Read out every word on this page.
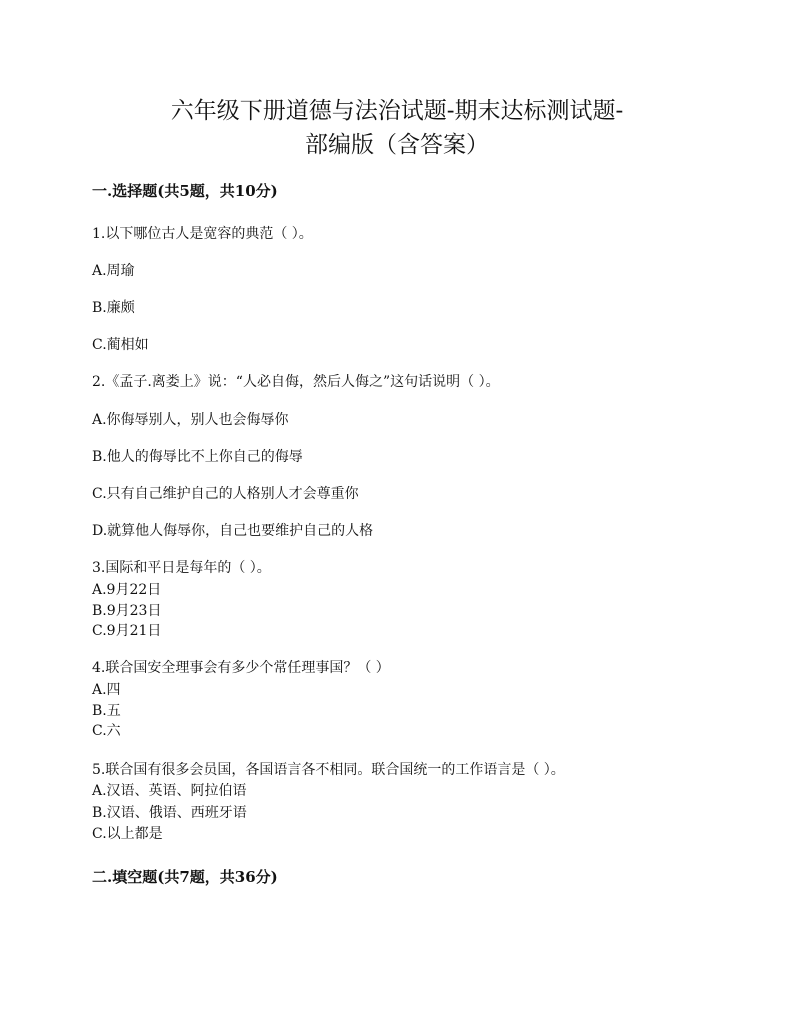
六年级下册道德与法治试题-期末达标测试题-
部编版（含答案）
一.选择题(共5题，共10分)
1.以下哪位古人是宽容的典范（ ）。
A.周瑜
B.廉颇
C.蔺相如
2.《孟子.离娄上》说：“人必自侮，然后人侮之”这句话说明（ ）。
A.你侮辱别人，别人也会侮辱你
B.他人的侮辱比不上你自己的侮辱
C.只有自己维护自己的人格别人才会尊重你
D.就算他人侮辱你，自己也要维护自己的人格
3.国际和平日是每年的（ ）。
A.9月22日
B.9月23日
C.9月21日
4.联合国安全理事会有多少个常任理事国？（ ）
A.四
B.五
C.六
5.联合国有很多会员国，各国语言各不相同。联合国统一的工作语言是（ ）。
A.汉语、英语、阿拉伯语
B.汉语、俄语、西班牙语
C.以上都是
二.填空题(共7题，共36分)
